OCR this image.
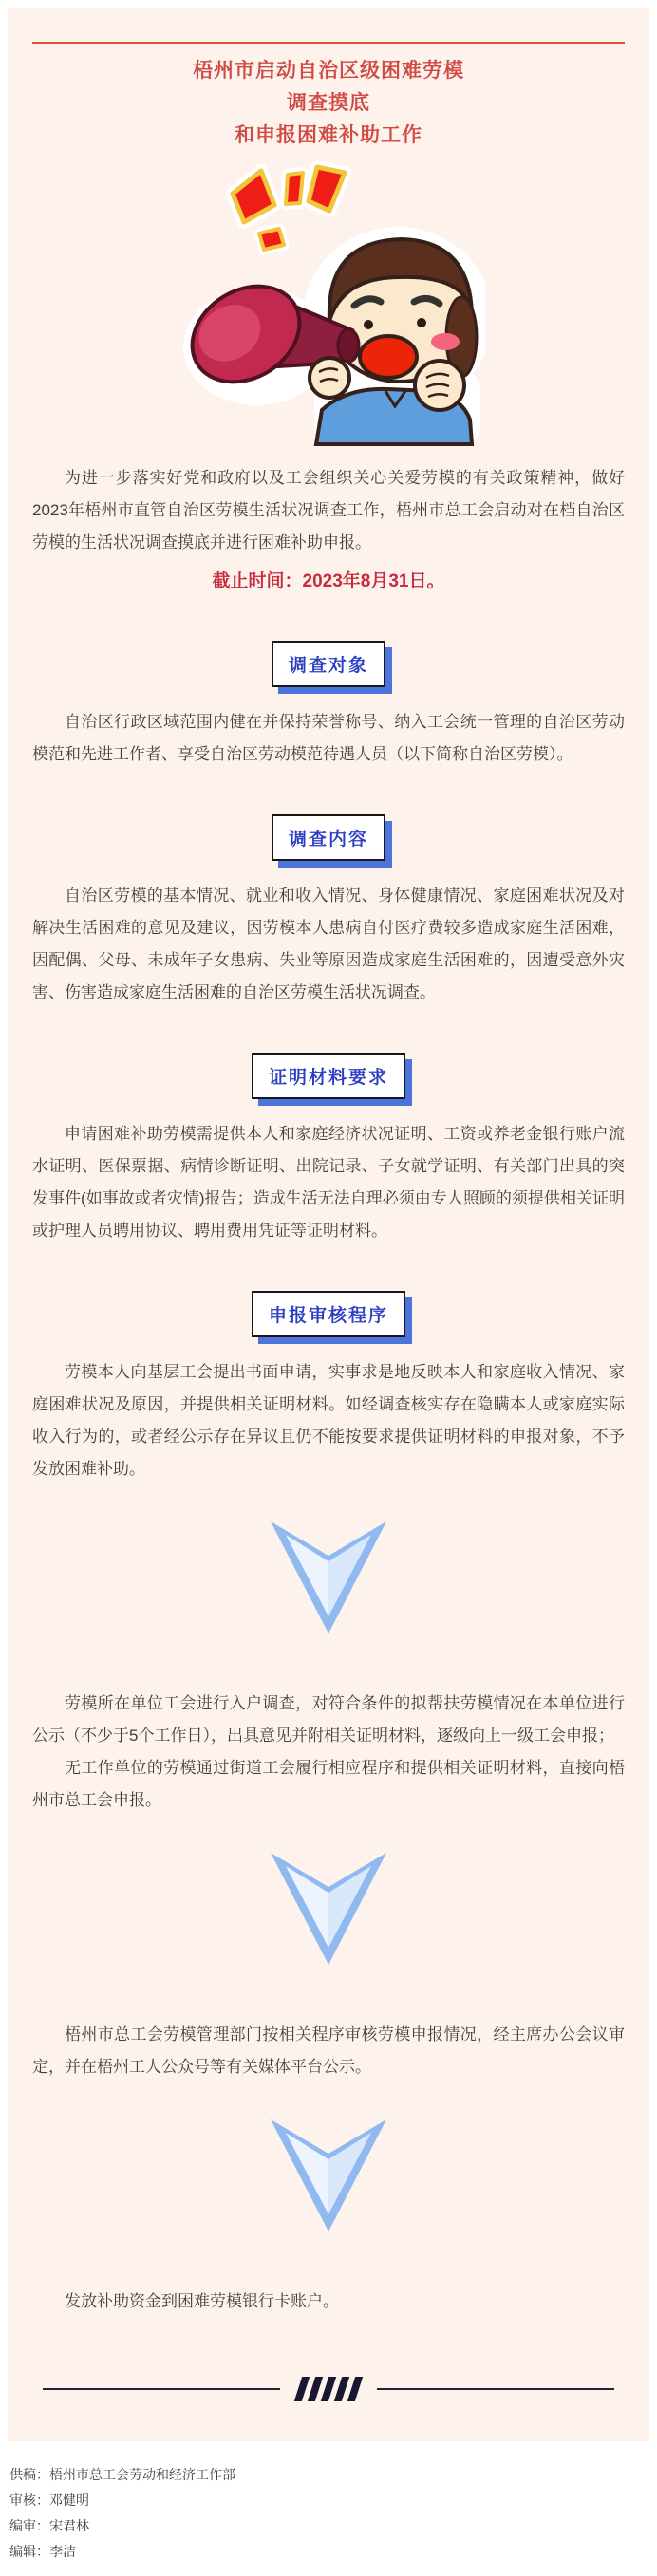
梧州市启动自治区级困难劳模
调查摸底
和申报困难补助工作

为进一步落实好党和政府以及工会组织关心关爱劳模的有关政策精神，做好2023年梧州市直管自治区劳模生活状况调查工作，梧州市总工会启动对在档自治区劳模的生活状况调查摸底并进行困难补助申报。

截止时间：2023年8月31日。

调查对象

自治区行政区域范围内健在并保持荣誉称号、纳入工会统一管理的自治区劳动模范和先进工作者、享受自治区劳动模范待遇人员（以下简称自治区劳模）。

调查内容

自治区劳模的基本情况、就业和收入情况、身体健康情况、家庭困难状况及对解决生活困难的意见及建议，因劳模本人患病自付医疗费较多造成家庭生活困难，因配偶、父母、未成年子女患病、失业等原因造成家庭生活困难的，因遭受意外灾害、伤害造成家庭生活困难的自治区劳模生活状况调查。

证明材料要求

申请困难补助劳模需提供本人和家庭经济状况证明、工资或养老金银行账户流水证明、医保票据、病情诊断证明、出院记录、子女就学证明、有关部门出具的突发事件(如事故或者灾情)报告；造成生活无法自理必须由专人照顾的须提供相关证明或护理人员聘用协议、聘用费用凭证等证明材料。

申报审核程序

劳模本人向基层工会提出书面申请，实事求是地反映本人和家庭收入情况、家庭困难状况及原因，并提供相关证明材料。如经调查核实存在隐瞒本人或家庭实际收入行为的，或者经公示存在异议且仍不能按要求提供证明材料的申报对象，不予发放困难补助。

劳模所在单位工会进行入户调查，对符合条件的拟帮扶劳模情况在本单位进行公示（不少于5个工作日），出具意见并附相关证明材料，逐级向上一级工会申报；

无工作单位的劳模通过街道工会履行相应程序和提供相关证明材料，直接向梧州市总工会申报。

梧州市总工会劳模管理部门按相关程序审核劳模申报情况，经主席办公会议审定，并在梧州工人公众号等有关媒体平台公示。

发放补助资金到困难劳模银行卡账户。

供稿：梧州市总工会劳动和经济工作部

审核：邓健明

编审：宋君林

编辑：李洁
